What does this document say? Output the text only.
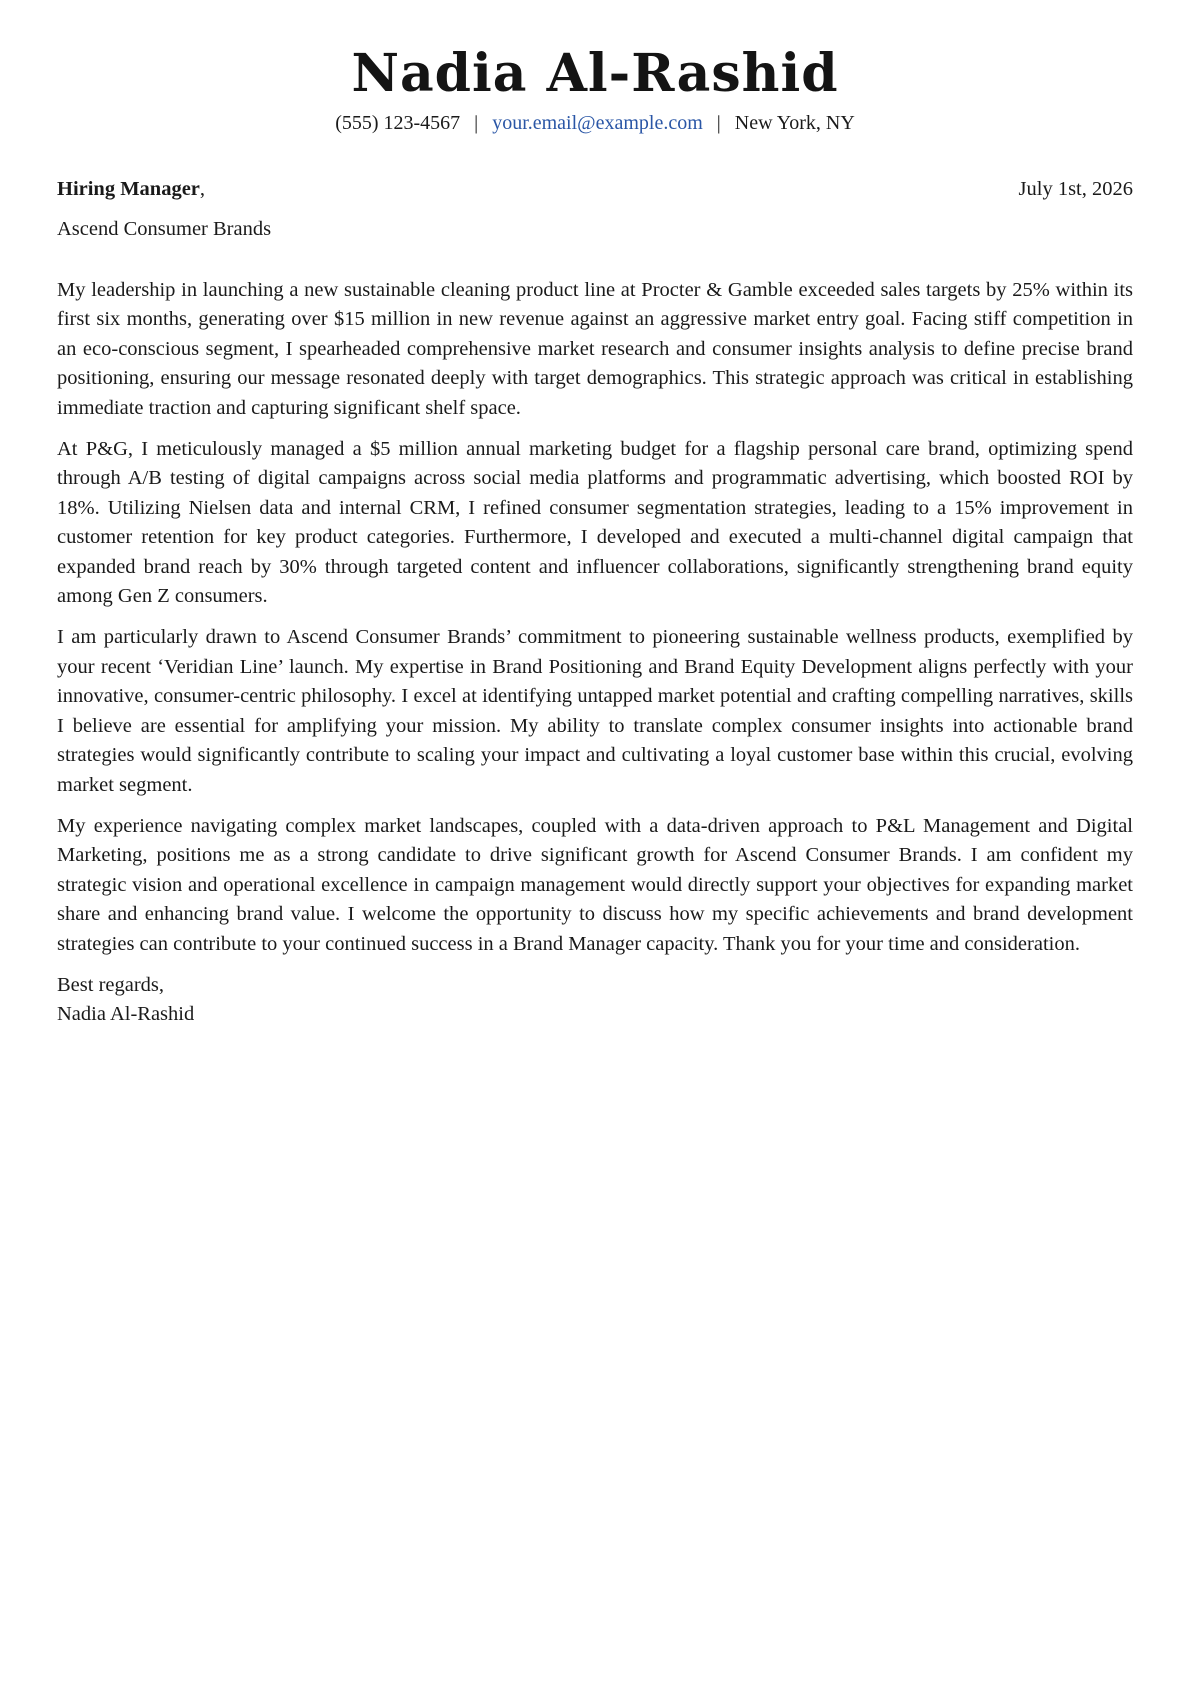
Nadia Al-Rashid
(555) 123-4567 | your.email@example.com | New York, NY
Hiring Manager,	July 1st, 2026
Ascend Consumer Brands

My leadership in launching a new sustainable cleaning product line at Procter & Gamble exceeded sales targets by 25% within its first six months, generating over $15 million in new revenue against an aggressive market entry goal. Facing stiff competition in an eco-conscious segment, I spearheaded comprehensive market research and consumer insights analysis to define precise brand positioning, ensuring our message resonated deeply with target demographics. This strategic approach was critical in establishing immediate traction and capturing significant shelf space.

At P&G, I meticulously managed a $5 million annual marketing budget for a flagship personal care brand, optimizing spend through A/B testing of digital campaigns across social media platforms and programmatic advertising, which boosted ROI by 18%. Utilizing Nielsen data and internal CRM, I refined consumer segmentation strategies, leading to a 15% improvement in customer retention for key product categories. Furthermore, I developed and executed a multi-channel digital campaign that expanded brand reach by 30% through targeted content and influencer collaborations, significantly strengthening brand equity among Gen Z consumers.

I am particularly drawn to Ascend Consumer Brands’ commitment to pioneering sustainable wellness products, exemplified by your recent ‘Veridian Line’ launch. My expertise in Brand Positioning and Brand Equity Development aligns perfectly with your innovative, consumer-centric philosophy. I excel at identifying untapped market potential and crafting compelling narratives, skills I believe are essential for amplifying your mission. My ability to translate complex consumer insights into actionable brand strategies would significantly contribute to scaling your impact and cultivating a loyal customer base within this crucial, evolving market segment.

My experience navigating complex market landscapes, coupled with a data-driven approach to P&L Management and Digital Marketing, positions me as a strong candidate to drive significant growth for Ascend Consumer Brands. I am confident my strategic vision and operational excellence in campaign management would directly support your objectives for expanding market share and enhancing brand value. I welcome the opportunity to discuss how my specific achievements and brand development strategies can contribute to your continued success in a Brand Manager capacity. Thank you for your time and consideration.

Best regards,
Nadia Al-Rashid
